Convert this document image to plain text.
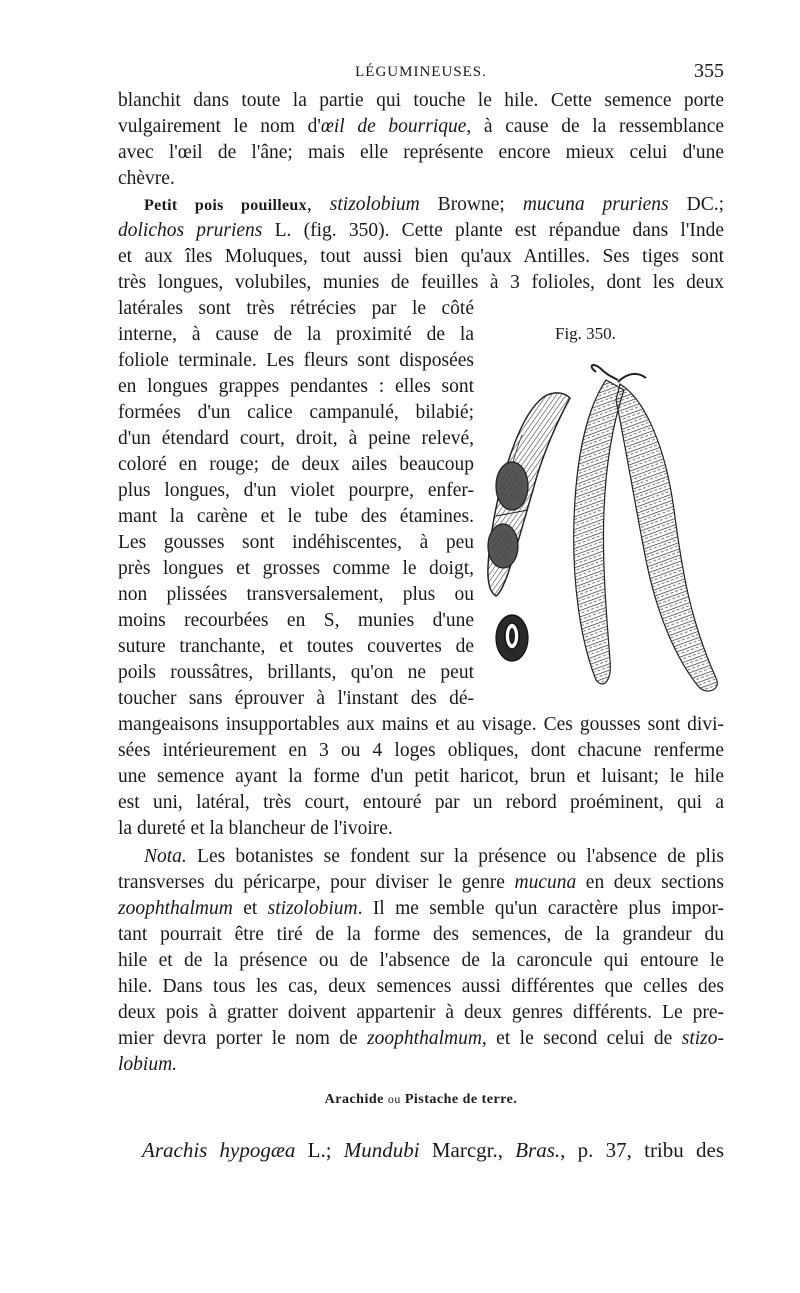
LÉGUMINEUSES.	355
blanchit dans toute la partie qui touche le hile. Cette semence porte
vulgairement le nom d'œil de bourrique, à cause de la ressemblance
avec l'œil de l'âne; mais elle représente encore mieux celui d'une
chèvre.
Petit pois pouilleux, stizolobium Browne; mucuna pruriens DC.;
dolichos pruriens L. (fig. 350). Cette plante est répandue dans l'Inde
et aux îles Moluques, tout aussi bien qu'aux Antilles. Ses tiges sont
très longues, volubiles, munies de feuilles à 3 folioles, dont les deux
latérales sont très rétrécies par le côté
interne, à cause de la proximité de la
foliole terminale. Les fleurs sont disposées
en longues grappes pendantes : elles sont
formées d'un calice campanulé, bilabié;
d'un étendard court, droit, à peine relevé,
coloré en rouge; de deux ailes beaucoup
plus longues, d'un violet pourpre, enfer-
mant la carène et le tube des étamines.
Les gousses sont indéhiscentes, à peu
près longues et grosses comme le doigt,
non plissées transversalement, plus ou
moins recourbées en S, munies d'une
suture tranchante, et toutes couvertes de
poils roussâtres, brillants, qu'on ne peut
toucher sans éprouver à l'instant des dé-
mangeaisons insupportables aux mains et au visage. Ces gousses sont divi-
sées intérieurement en 3 ou 4 loges obliques, dont chacune renferme
une semence ayant la forme d'un petit haricot, brun et luisant; le hile
est uni, latéral, très court, entouré par un rebord proéminent, qui a
la dureté et la blancheur de l'ivoire.
Nota. Les botanistes se fondent sur la présence ou l'absence de plis
transverses du péricarpe, pour diviser le genre mucuna en deux sections
zoophthalmum et stizolobium. Il me semble qu'un caractère plus impor-
tant pourrait être tiré de la forme des semences, de la grandeur du
hile et de la présence ou de l'absence de la caroncule qui entoure le
hile. Dans tous les cas, deux semences aussi différentes que celles des
deux pois à gratter doivent appartenir à deux genres différents. Le pre-
mier devra porter le nom de zoophthalmum, et le second celui de stizo-
lobium.
Fig. 350.
Arachide ou Pistache de terre.
Arachis hypogæa L.; Mundubi Marcgr., Bras., p. 37, tribu des
